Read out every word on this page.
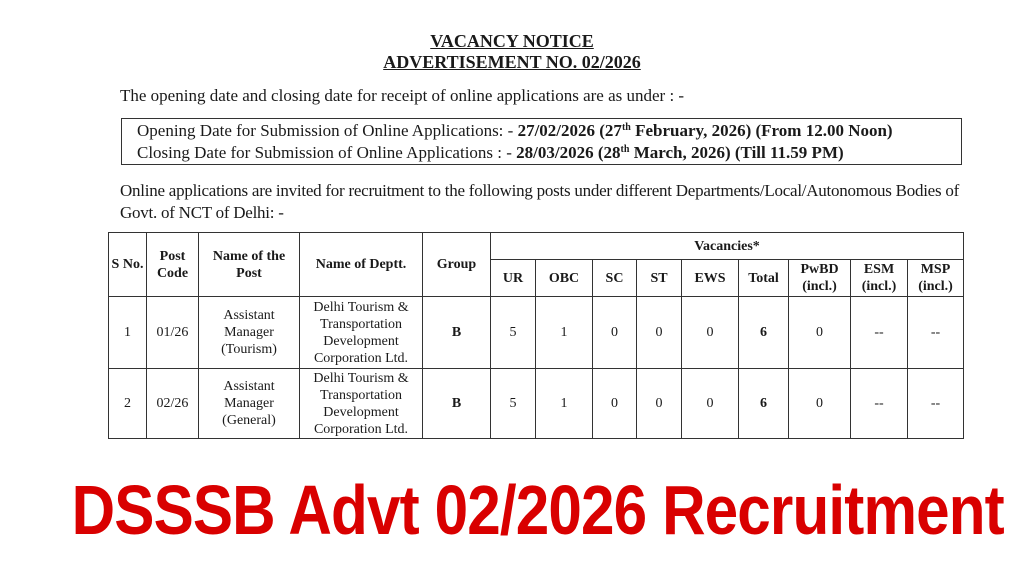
VACANCY NOTICE
ADVERTISEMENT NO. 02/2026
The opening date and closing date for receipt of online applications are as under : -
Opening Date for Submission of Online Applications: - 27/02/2026 (27th February, 2026) (From 12.00 Noon)
Closing Date for Submission of Online Applications : - 28/03/2026 (28th March, 2026) (Till 11.59 PM)
Online applications are invited for recruitment to the following posts under different Departments/Local/Autonomous Bodies of Govt. of NCT of Delhi: -
S No.	Post Code	Name of the Post	Name of Deptt.	Group	Vacancies*								
					UR	OBC	SC	ST	EWS	Total	PwBD (incl.)	ESM (incl.)	MSP (incl.)
1	01/26	Assistant Manager (Tourism)	Delhi Tourism & Transportation Development Corporation Ltd.	B	5	1	0	0	0	6	0	--	--
2	02/26	Assistant Manager (General)	Delhi Tourism & Transportation Development Corporation Ltd.	B	5	1	0	0	0	6	0	--	--
DSSSB Advt 02/2026 Recruitment
